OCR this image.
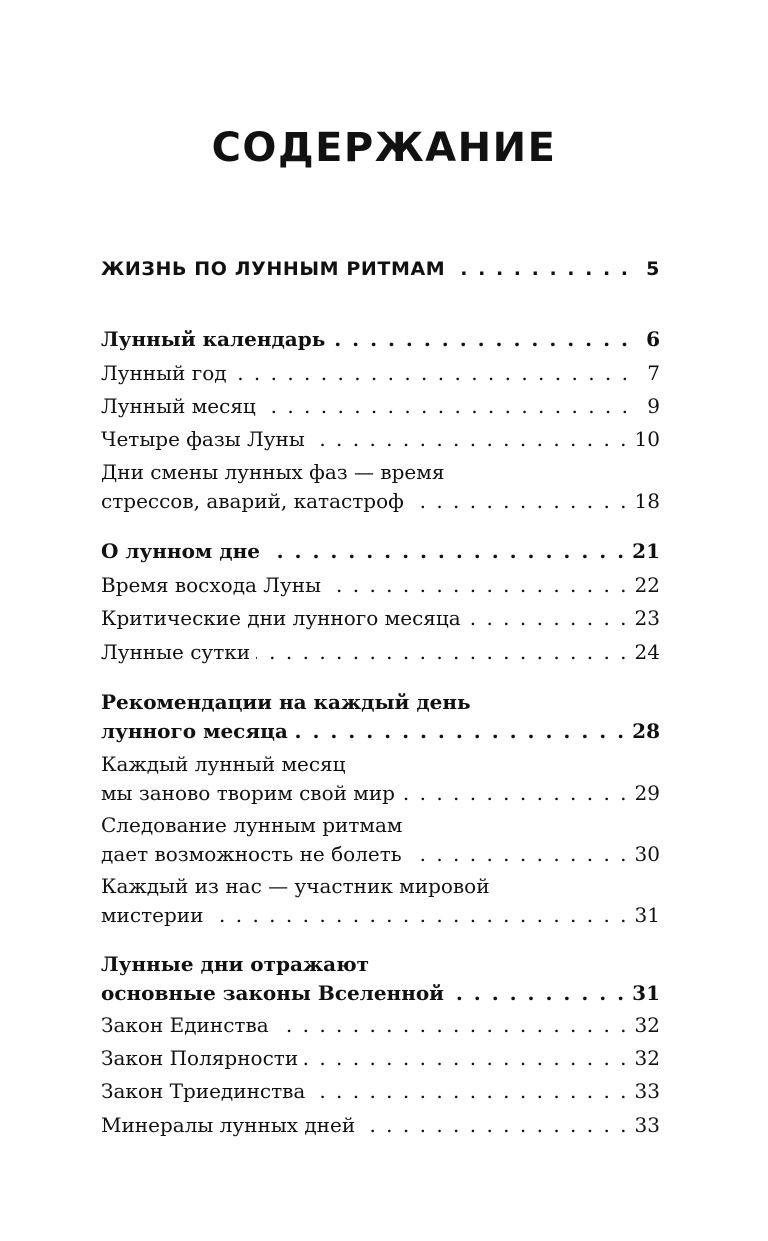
СОДЕРЖАНИЕ
ЖИЗНЬ ПО ЛУННЫМ РИТМАМ . . .	5
Лунный календарь . . .	6
Лунный год . . .	7
Лунный месяц . . .	9
Четыре фазы Луны . . .	10
Дни смены лунных фаз — время
стрессов, аварий, катастроф . . .	18
О лунном дне . . .	21
Время восхода Луны . . .	22
Критические дни лунного месяца . . .	23
Лунные сутки . . .	24
Рекомендации на каждый день
лунного месяца . . .	28
Каждый лунный месяц
мы заново творим свой мир . . .	29
Следование лунным ритмам
дает возможность не болеть . . .	30
Каждый из нас — участник мировой
мистерии . . .	31
Лунные дни отражают
основные законы Вселенной . . .	31
Закон Единства . . .	32
Закон Полярности . . .	32
Закон Триединства . . .	33
Минералы лунных дней . . .	33
